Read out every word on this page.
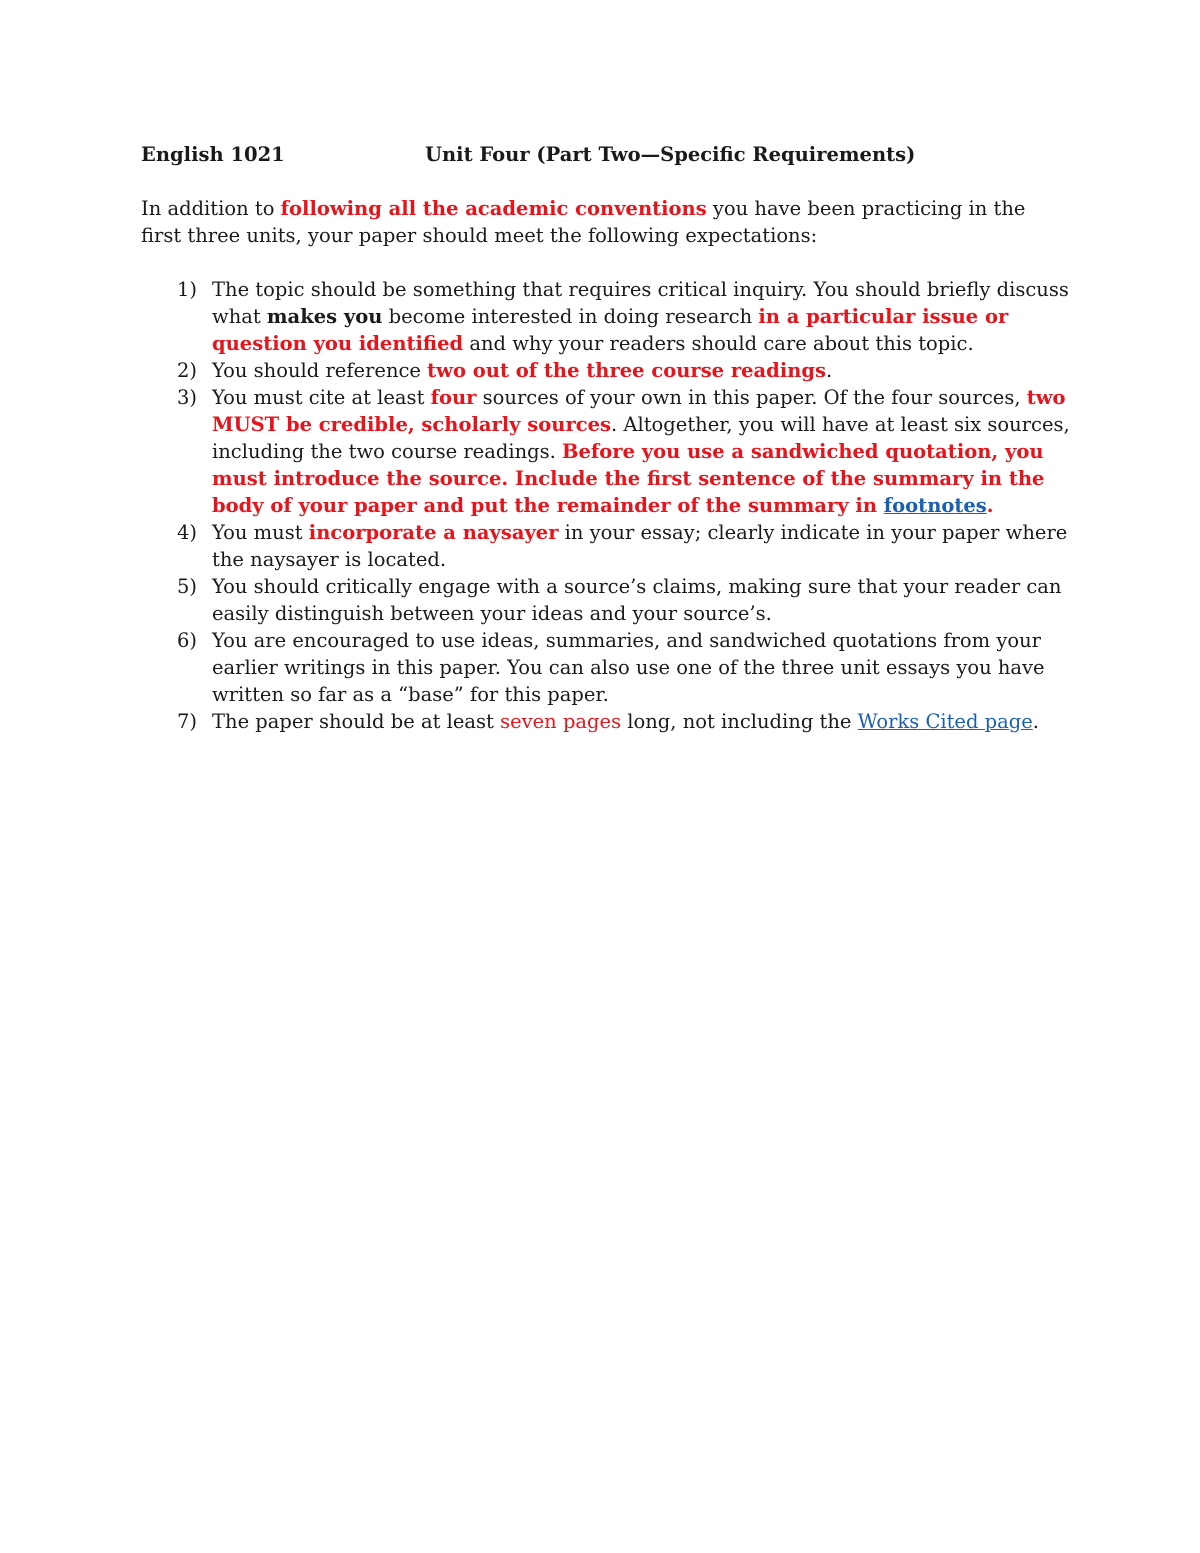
English 1021	Unit Four (Part Two—Specific Requirements)

In addition to following all the academic conventions you have been practicing in the first three units, your paper should meet the following expectations:

1) The topic should be something that requires critical inquiry. You should briefly discuss what makes you become interested in doing research in a particular issue or question you identified and why your readers should care about this topic.
2) You should reference two out of the three course readings.
3) You must cite at least four sources of your own in this paper. Of the four sources, two MUST be credible, scholarly sources. Altogether, you will have at least six sources, including the two course readings. Before you use a sandwiched quotation, you must introduce the source. Include the first sentence of the summary in the body of your paper and put the remainder of the summary in footnotes.
4) You must incorporate a naysayer in your essay; clearly indicate in your paper where the naysayer is located.
5) You should critically engage with a source’s claims, making sure that your reader can easily distinguish between your ideas and your source’s.
6) You are encouraged to use ideas, summaries, and sandwiched quotations from your earlier writings in this paper. You can also use one of the three unit essays you have written so far as a “base” for this paper.
7) The paper should be at least seven pages long, not including the Works Cited page.
